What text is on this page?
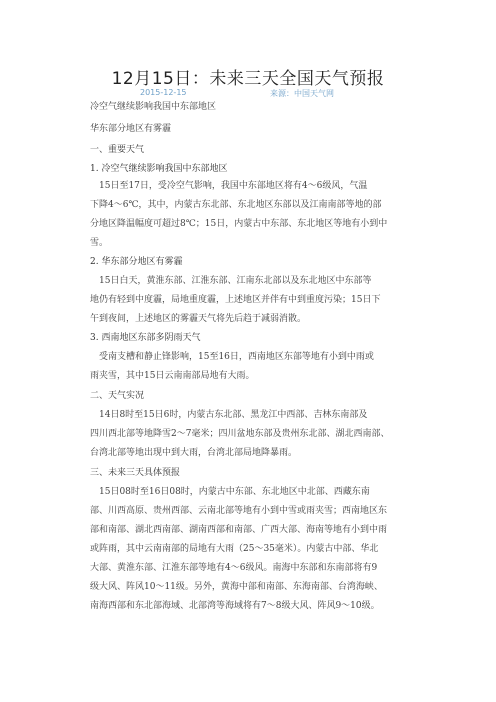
12月15日：未来三天全国天气预报
2015-12-15	来源：中国天气网
冷空气继续影响我国中东部地区
华东部分地区有雾霾
一、重要天气
1. 冷空气继续影响我国中东部地区
　15日至17日，受冷空气影响，我国中东部地区将有4～6级风，气温
下降4～6℃，其中，内蒙古东北部、东北地区东部以及江南南部等地的部
分地区降温幅度可超过8℃；15日，内蒙古中东部、东北地区等地有小到中
雪。
2. 华东部分地区有雾霾
　15日白天，黄淮东部、江淮东部、江南东北部以及东北地区中东部等
地仍有轻到中度霾，局地重度霾，上述地区并伴有中到重度污染；15日下
午到夜间，上述地区的雾霾天气将先后趋于减弱消散。
3. 西南地区东部多阴雨天气
　受南支槽和静止锋影响，15至16日，西南地区东部等地有小到中雨或
雨夹雪，其中15日云南南部局地有大雨。
二、天气实况
　14日8时至15日6时，内蒙古东北部、黑龙江中西部、吉林东南部及
四川西北部等地降雪2～7毫米；四川盆地东部及贵州东北部、湖北西南部、
台湾北部等地出现中到大雨，台湾北部局地降暴雨。
三、未来三天具体预报
　15日08时至16日08时，内蒙古中东部、东北地区中北部、西藏东南
部、川西高原、贵州西部、云南北部等地有小到中雪或雨夹雪；西南地区东
部和南部、湖北西南部、湖南西部和南部、广西大部、海南等地有小到中雨
或阵雨，其中云南南部的局地有大雨（25～35毫米）。内蒙古中部、华北
大部、黄淮东部、江淮东部等地有4～6级风。南海中东部和东南部将有9
级大风、阵风10～11级。另外，黄海中部和南部、东海南部、台湾海峡、
南海西部和东北部海域、北部湾等海域将有7～8级大风、阵风9～10级。
